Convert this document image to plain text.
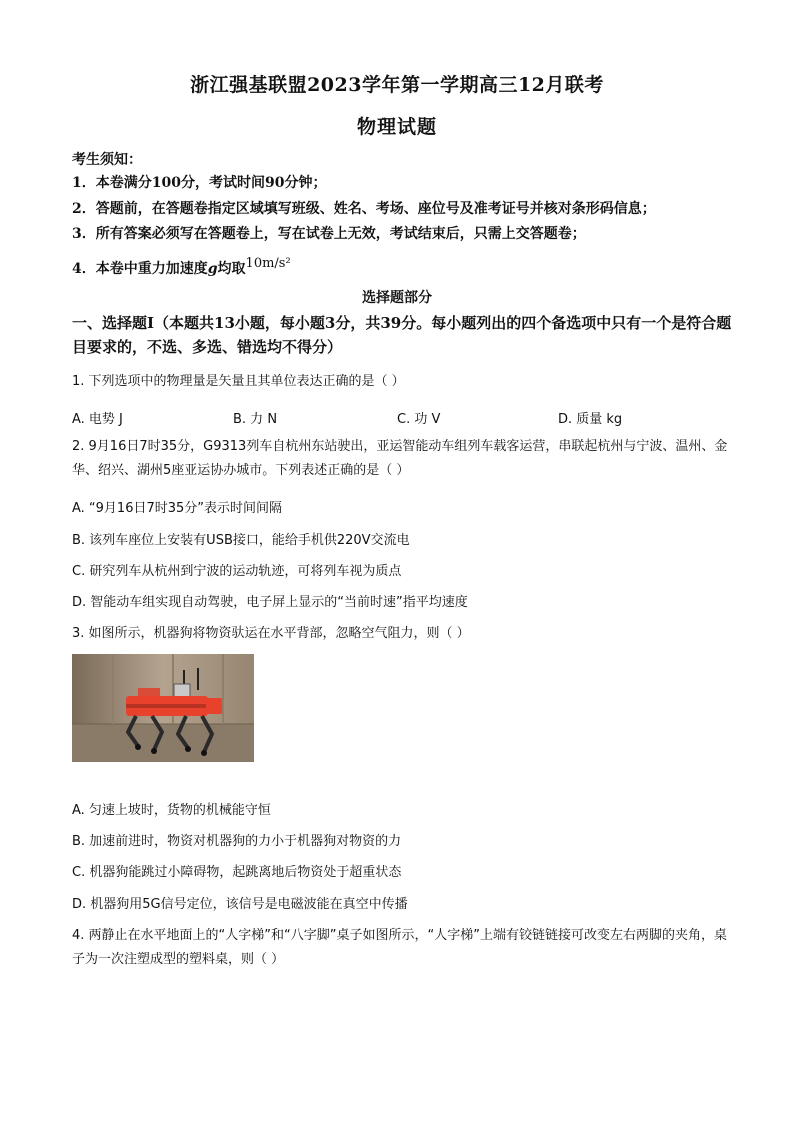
浙江强基联盟2023学年第一学期高三12月联考
物理试题
考生须知：
1．本卷满分100分，考试时间90分钟；
2．答题前，在答题卷指定区域填写班级、姓名、考场、座位号及准考证号并核对条形码信息；
3．所有答案必须写在答题卷上，写在试卷上无效，考试结束后，只需上交答题卷；
4．本卷中重力加速度g均取10m/s²
选择题部分
一、选择题Ⅰ（本题共13小题，每小题3分，共39分。每小题列出的四个备选项中只有一个是符合题目要求的，不选、多选、错选均不得分）
1. 下列选项中的物理量是矢量且其单位表达正确的是（ ）
A. 电势 J	B. 力 N	C. 功 V	D. 质量 kg
2. 9月16日7时35分，G9313列车自杭州东站驶出，亚运智能动车组列车载客运营，串联起杭州与宁波、温州、金华、绍兴、湖州5座亚运协办城市。下列表述正确的是（ ）
A. “9月16日7时35分”表示时间间隔
B. 该列车座位上安装有USB接口，能给手机供220V交流电
C. 研究列车从杭州到宁波的运动轨迹，可将列车视为质点
D. 智能动车组实现自动驾驶，电子屏上显示的“当前时速”指平均速度
3. 如图所示，机器狗将物资驮运在水平背部，忽略空气阻力，则（ ）
A. 匀速上坡时，货物的机械能守恒
B. 加速前进时，物资对机器狗的力小于机器狗对物资的力
C. 机器狗能跳过小障碍物，起跳离地后物资处于超重状态
D. 机器狗用5G信号定位，该信号是电磁波能在真空中传播
4. 两静止在水平地面上的“人字梯”和“八字脚”桌子如图所示，“人字梯”上端有铰链链接可改变左右两脚的夹角，桌子为一次注塑成型的塑料桌，则（ ）
